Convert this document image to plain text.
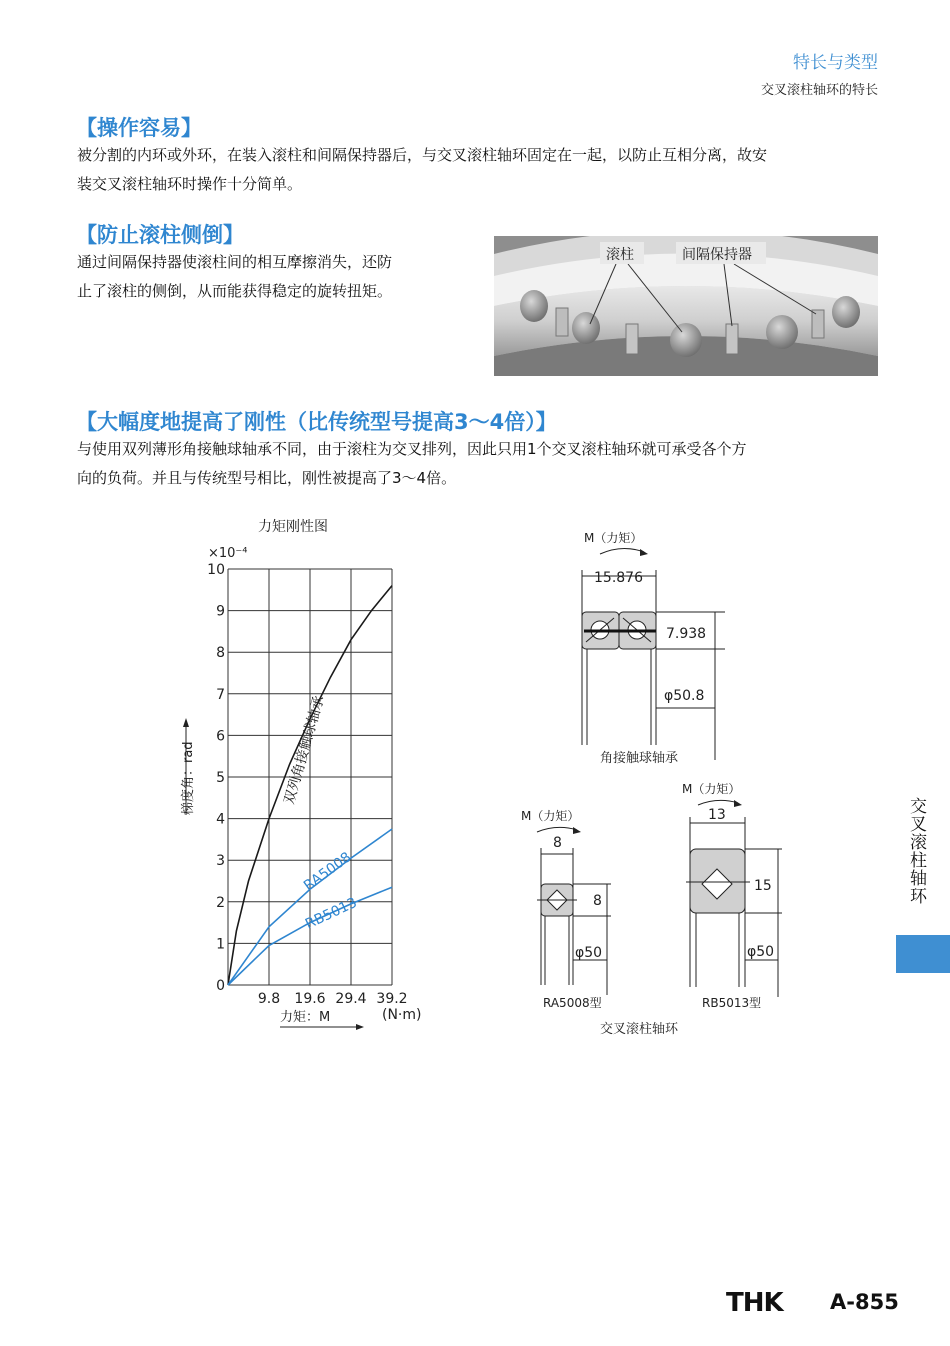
特长与类型
交叉滚柱轴环的特长
【操作容易】
被分割的内环或外环，在装入滚柱和间隔保持器后，与交叉滚柱轴环固定在一起，以防止互相分离，故安
装交叉滚柱轴环时操作十分简单。
【防止滚柱侧倒】
通过间隔保持器使滚柱间的相互摩擦消失，还防
止了滚柱的侧倒，从而能获得稳定的旋转扭矩。
滚柱	间隔保持器
【大幅度地提高了刚性（比传统型号提高3～4倍）】
与使用双列薄形角接触球轴承不同，由于滚柱为交叉排列，因此只用1个交叉滚柱轴环就可承受各个方
向的负荷。并且与传统型号相比，刚性被提高了3～4倍。
力矩刚性图
×10⁻⁴
0
1
2
3
4
5
6
7
8
9
10
9.8 19.6 29.4 39.2
双列角接触球轴承
RA5008
RB5013
梯度角：rad
力矩：M	(N·m)
M（力矩）
15.876
7.938
φ50.8
角接触球轴承
M（力矩）
8
8
φ50
RA5008型
M（力矩）
13
15
φ50
RB5013型
交叉滚柱轴环
交叉滚柱轴环
THK A-855
